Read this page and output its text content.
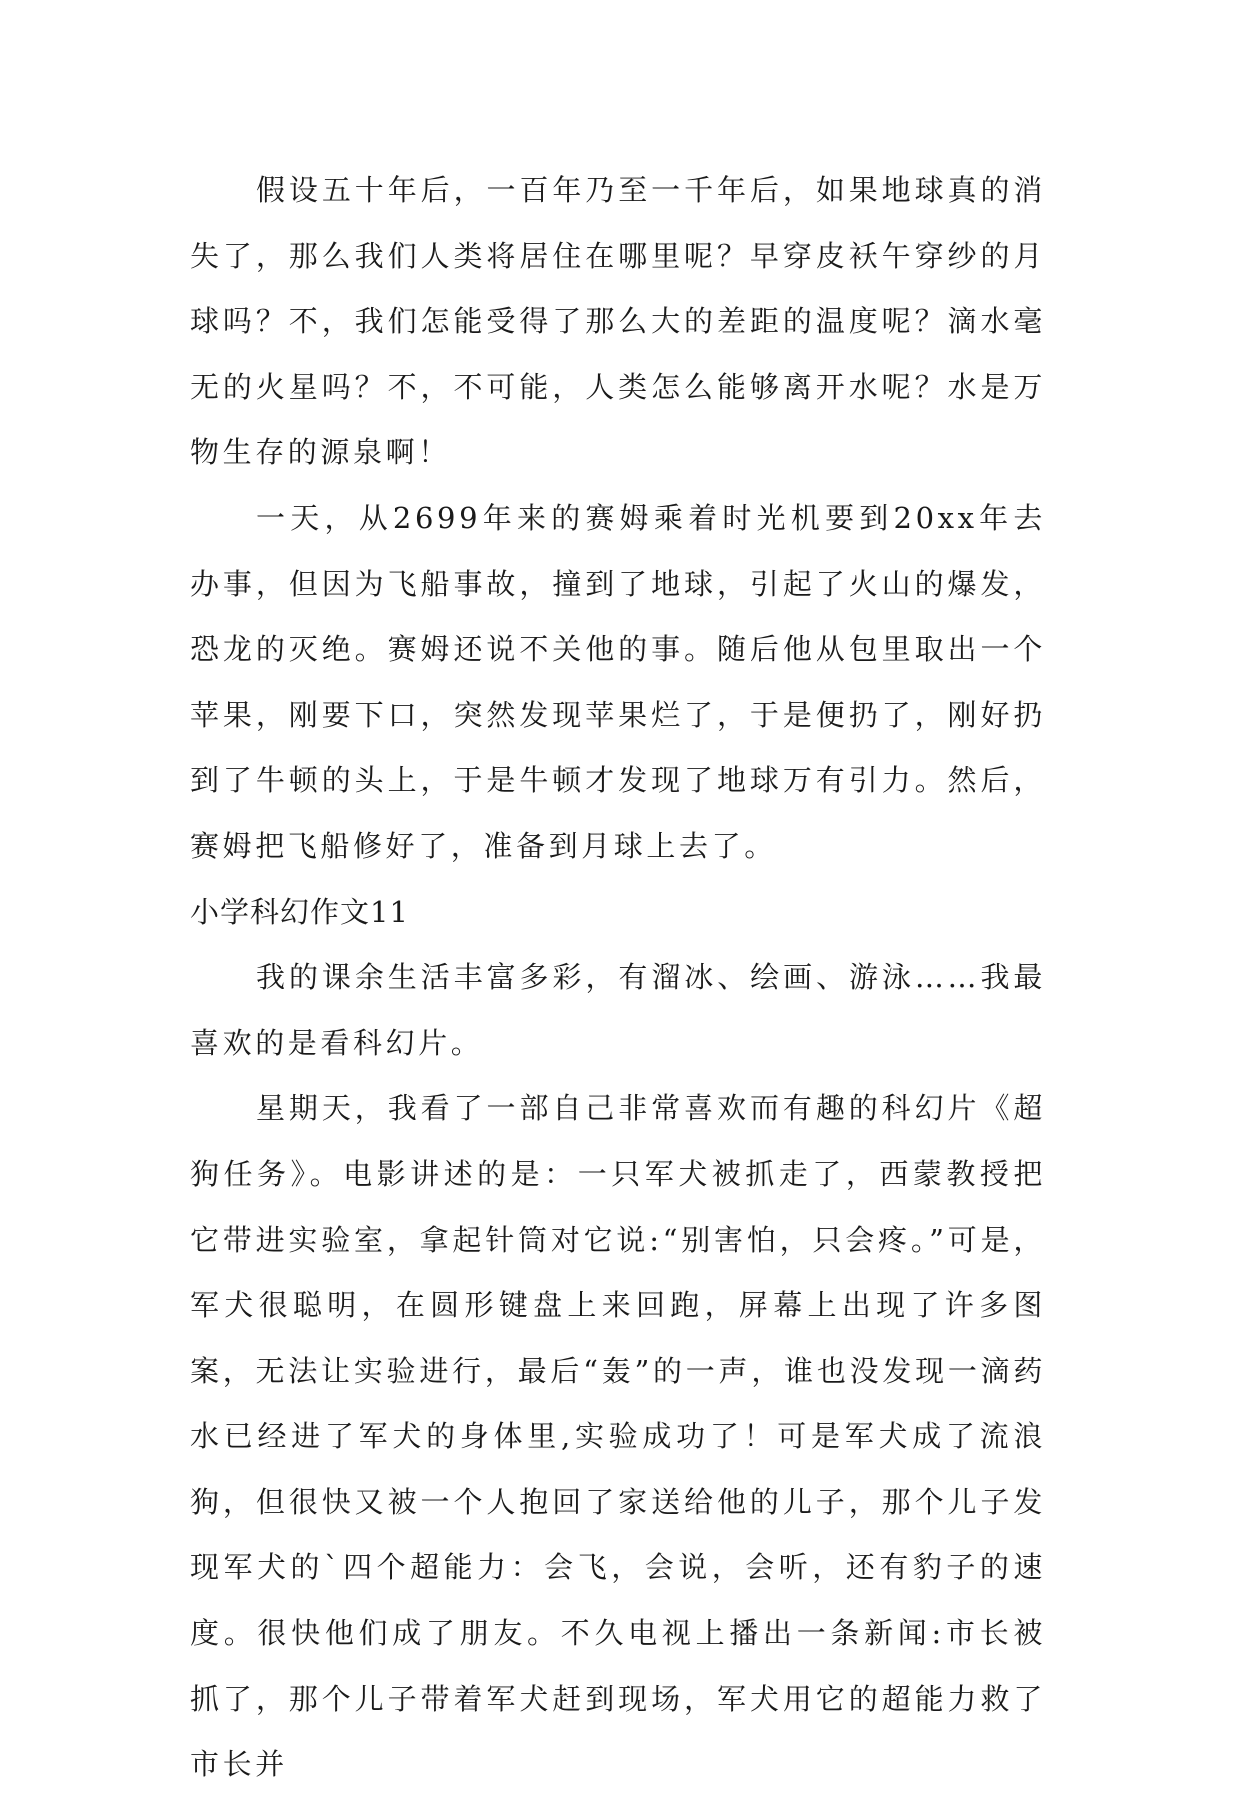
假设五十年后，一百年乃至一千年后，如果地球真的消失了，那么我们人类将居住在哪里呢？早穿皮袄午穿纱的月球吗？不，我们怎能受得了那么大的差距的温度呢？滴水毫无的火星吗？不，不可能，人类怎么能够离开水呢？水是万物生存的源泉啊！

一天，从2699年来的赛姆乘着时光机要到20xx年去办事，但因为飞船事故，撞到了地球，引起了火山的爆发，恐龙的灭绝。赛姆还说不关他的事。随后他从包里取出一个苹果，刚要下口，突然发现苹果烂了，于是便扔了，刚好扔到了牛顿的头上，于是牛顿才发现了地球万有引力。然后，赛姆把飞船修好了，准备到月球上去了。

小学科幻作文11

我的课余生活丰富多彩，有溜冰、绘画、游泳……我最喜欢的是看科幻片。

星期天，我看了一部自己非常喜欢而有趣的科幻片《超狗任务》。电影讲述的是：一只军犬被抓走了，西蒙教授把它带进实验室，拿起针筒对它说:“别害怕，只会疼。”可是，军犬很聪明，在圆形键盘上来回跑，屏幕上出现了许多图案，无法让实验进行，最后“轰”的一声，谁也没发现一滴药水已经进了军犬的身体里,实验成功了！可是军犬成了流浪狗，但很快又被一个人抱回了家送给他的儿子，那个儿子发现军犬的`四个超能力：会飞，会说，会听，还有豹子的速度。很快他们成了朋友。不久电视上播出一条新闻:市长被抓了，那个儿子带着军犬赶到现场，军犬用它的超能力救了市长并
